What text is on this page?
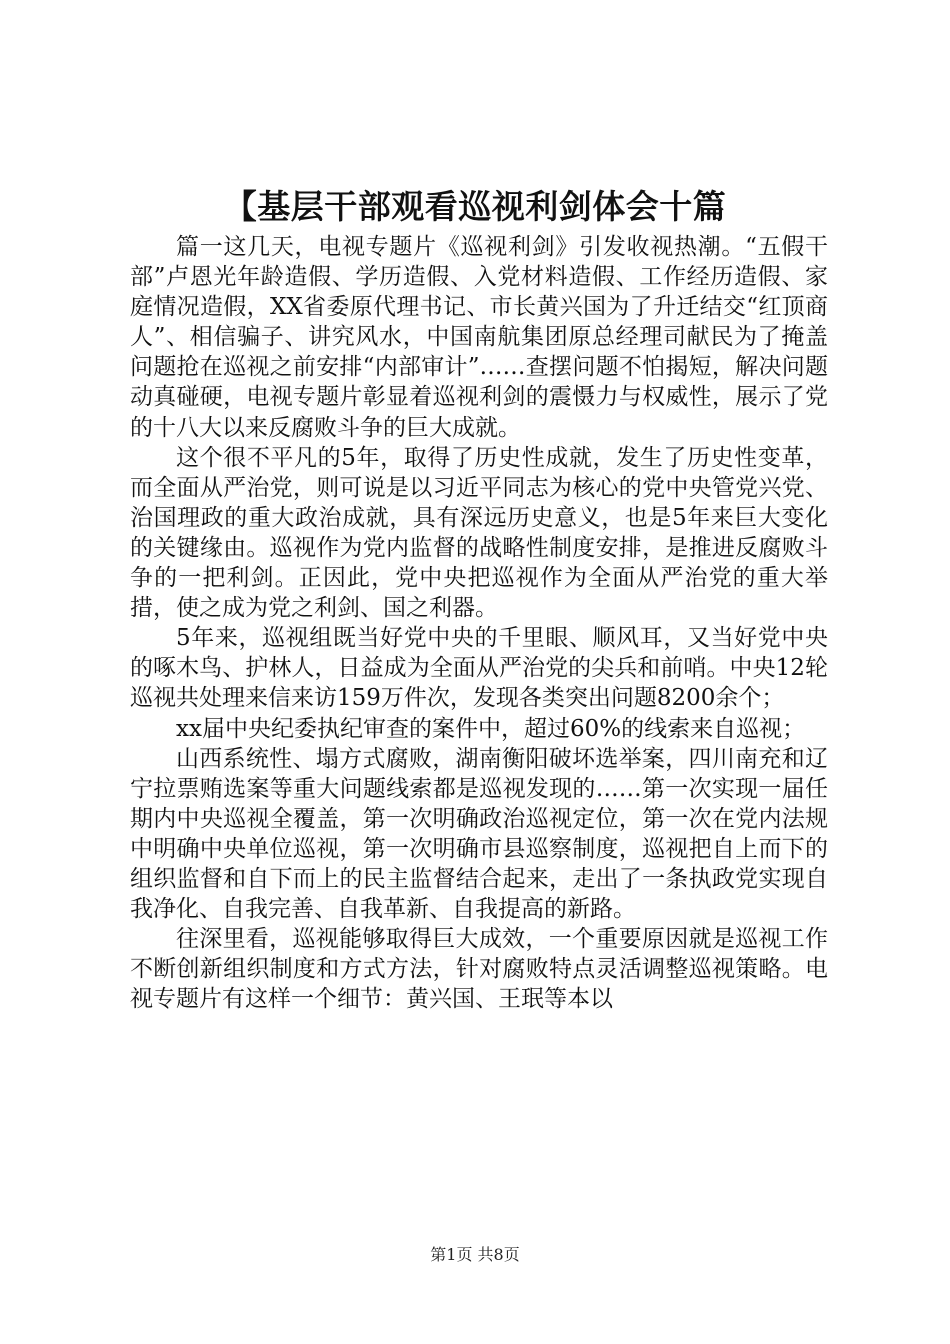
【基层干部观看巡视利剑体会十篇

篇一这几天，电视专题片《巡视利剑》引发收视热潮。“五假干部”卢恩光年龄造假、学历造假、入党材料造假、工作经历造假、家庭情况造假，XX省委原代理书记、市长黄兴国为了升迁结交“红顶商人”、相信骗子、讲究风水，中国南航集团原总经理司献民为了掩盖问题抢在巡视之前安排“内部审计”……查摆问题不怕揭短，解决问题动真碰硬，电视专题片彰显着巡视利剑的震慑力与权威性，展示了党的十八大以来反腐败斗争的巨大成就。

这个很不平凡的5年，取得了历史性成就，发生了历史性变革，而全面从严治党，则可说是以习近平同志为核心的党中央管党兴党、治国理政的重大政治成就，具有深远历史意义，也是5年来巨大变化的关键缘由。巡视作为党内监督的战略性制度安排，是推进反腐败斗争的一把利剑。正因此，党中央把巡视作为全面从严治党的重大举措，使之成为党之利剑、国之利器。

5年来，巡视组既当好党中央的千里眼、顺风耳，又当好党中央的啄木鸟、护林人，日益成为全面从严治党的尖兵和前哨。中央12轮巡视共处理来信来访159万件次，发现各类突出问题8200余个；

xx届中央纪委执纪审查的案件中，超过60%的线索来自巡视；

山西系统性、塌方式腐败，湖南衡阳破坏选举案，四川南充和辽宁拉票贿选案等重大问题线索都是巡视发现的……第一次实现一届任期内中央巡视全覆盖，第一次明确政治巡视定位，第一次在党内法规中明确中央单位巡视，第一次明确市县巡察制度，巡视把自上而下的组织监督和自下而上的民主监督结合起来，走出了一条执政党实现自我净化、自我完善、自我革新、自我提高的新路。

往深里看，巡视能够取得巨大成效，一个重要原因就是巡视工作不断创新组织制度和方式方法，针对腐败特点灵活调整巡视策略。电视专题片有这样一个细节：黄兴国、王珉等本以

第1页 共8页
